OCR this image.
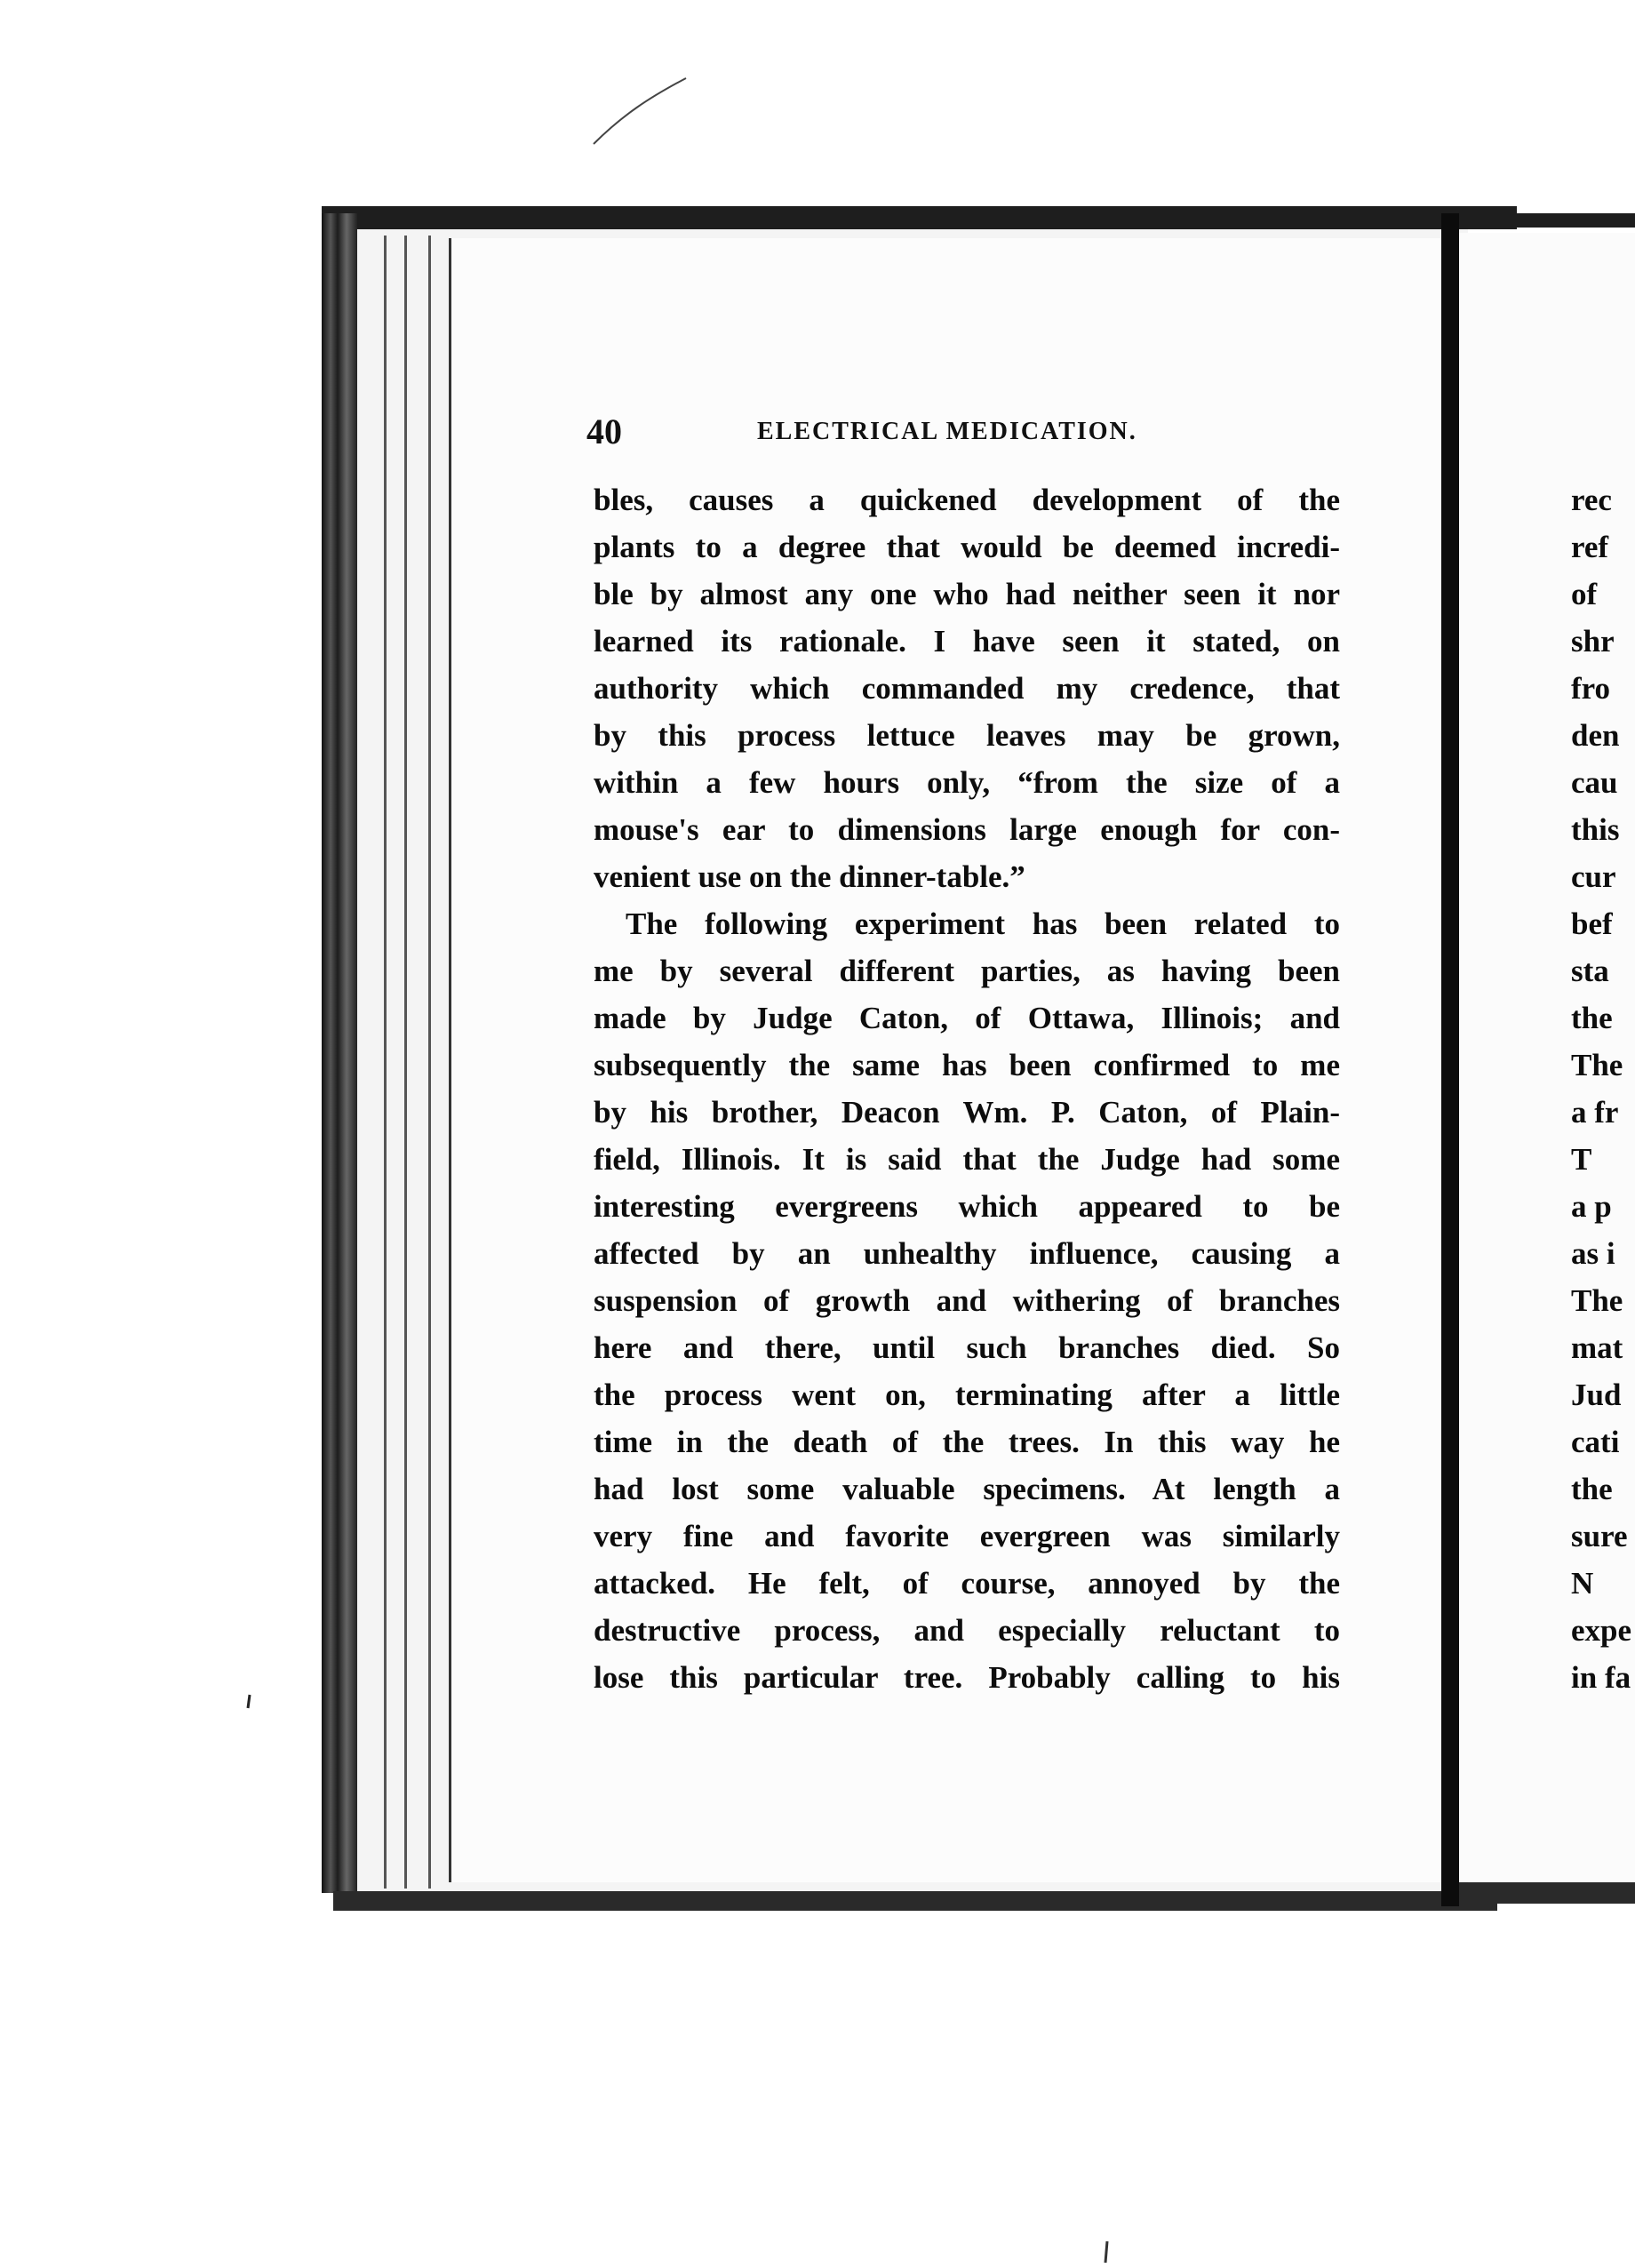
40	ELECTRICAL MEDICATION.
bles, causes a quickened development of the
plants to a degree that would be deemed incredi-
ble by almost any one who had neither seen it nor
learned its rationale. I have seen it stated, on
authority which commanded my credence, that
by this process lettuce leaves may be grown,
within a few hours only, “from the size of a
mouse's ear to dimensions large enough for con-
venient use on the dinner-table.”
The following experiment has been related to
me by several different parties, as having been
made by Judge Caton, of Ottawa, Illinois; and
subsequently the same has been confirmed to me
by his brother, Deacon Wm. P. Caton, of Plain-
field, Illinois. It is said that the Judge had some
interesting evergreens which appeared to be
affected by an unhealthy influence, causing a
suspension of growth and withering of branches
here and there, until such branches died. So
the process went on, terminating after a little
time in the death of the trees. In this way he
had lost some valuable specimens. At length a
very fine and favorite evergreen was similarly
attacked. He felt, of course, annoyed by the
destructive process, and especially reluctant to
lose this particular tree. Probably calling to his
rec
ref
of
shr
fro
den
cau
this
cur
bef
sta
the
The
a fr
T
a p
as i
The
mat
Jud
cati
the
sure
N
expe
in fa
